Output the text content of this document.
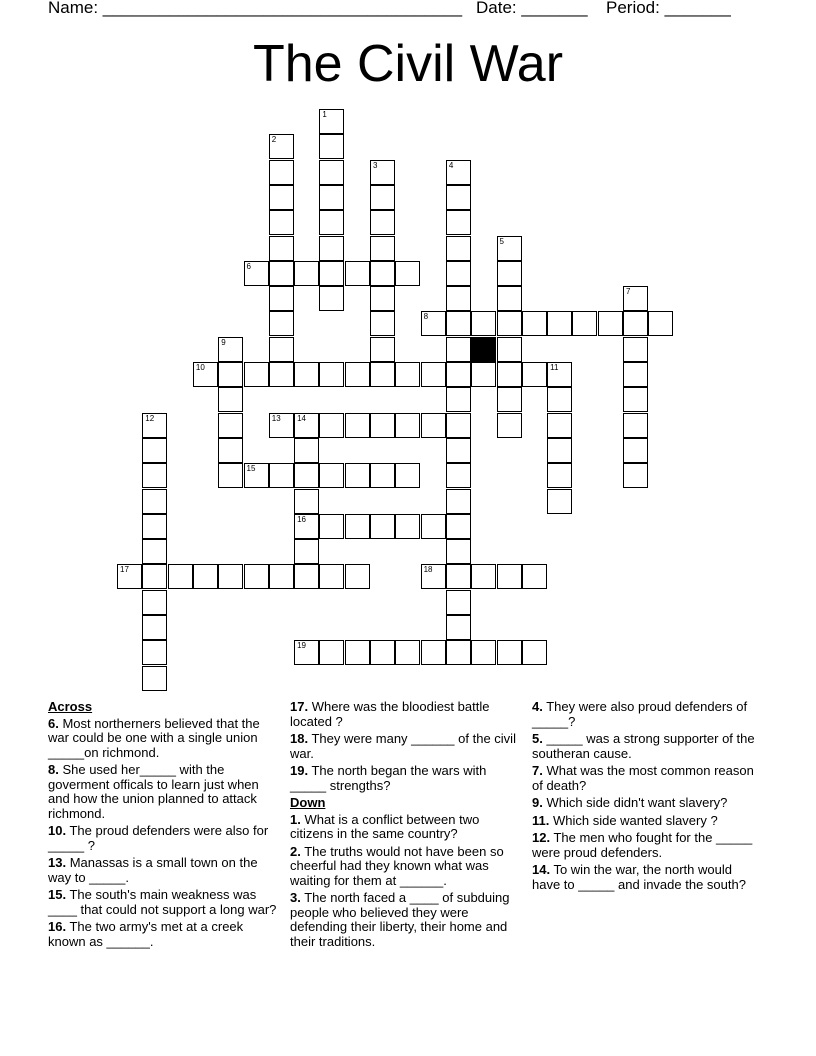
Name: ______________________________________ Date: _______ Period: _______
The Civil War
1
2
3	4
5
6
7
8
9
10	11
12	13 14
16
15
17	18
19
Across
6. Most northerners believed that the war could be one with a single union _____on richmond.
8. She used her_____ with the goverment officals to learn just when and how the union planned to attack richmond.
10. The proud defenders were also for _____ ?
13. Manassas is a small town on the way to _____.
15. The south's main weakness was ____ that could not support a long war?
16. The two army's met at a creek known as ______.
17. Where was the bloodiest battle located ?
18. They were many ______ of the civil war.
19. The north began the wars with _____ strengths?
Down
1. What is a conflict between two citizens in the same country?
2. The truths would not have been so cheerful had they known what was waiting for them at ______.
3. The north faced a ____ of subduing people who believed they were defending their liberty, their home and their traditions.
4. They were also proud defenders of _____?
5. _____ was a strong supporter of the southeran cause.
7. What was the most common reason of death?
9. Which side didn't want slavery?
11. Which side wanted slavery ?
12. The men who fought for the _____ were proud defenders.
14. To win the war, the north would have to _____ and invade the south?
